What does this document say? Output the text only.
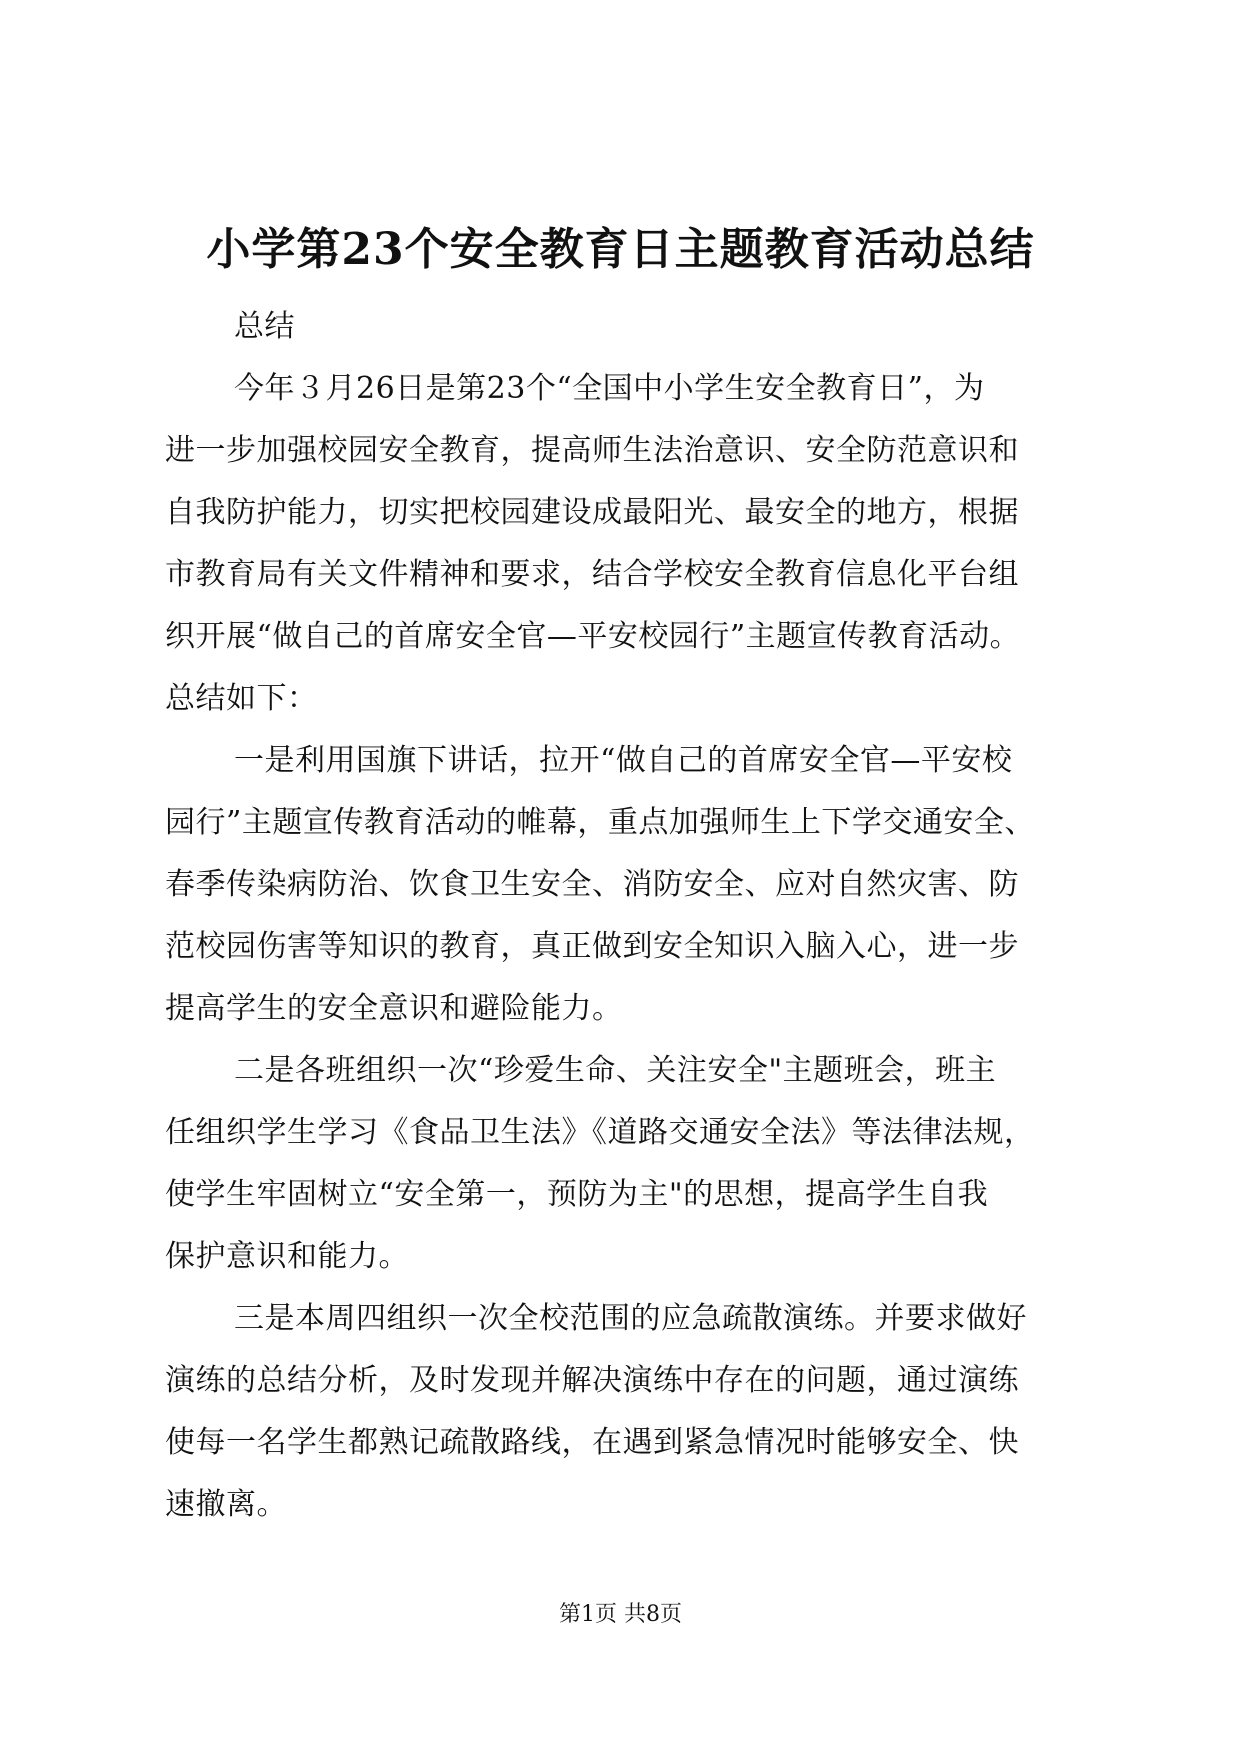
小学第23个安全教育日主题教育活动总结
总结
今年３月26日是第23个“全国中小学生安全教育日”，为
进一步加强校园安全教育，提高师生法治意识、安全防范意识和
自我防护能力，切实把校园建设成最阳光、最安全的地方，根据
市教育局有关文件精神和要求，结合学校安全教育信息化平台组
织开展“做自己的首席安全官—平安校园行”主题宣传教育活动。
总结如下：
一是利用国旗下讲话，拉开“做自己的首席安全官—平安校
园行”主题宣传教育活动的帷幕，重点加强师生上下学交通安全、
春季传染病防治、饮食卫生安全、消防安全、应对自然灾害、防
范校园伤害等知识的教育，真正做到安全知识入脑入心，进一步
提高学生的安全意识和避险能力。
二是各班组织一次“珍爱生命、关注安全"主题班会，班主
任组织学生学习《食品卫生法》《道路交通安全法》等法律法规，
使学生牢固树立“安全第一，预防为主"的思想，提高学生自我
保护意识和能力。
三是本周四组织一次全校范围的应急疏散演练。并要求做好
演练的总结分析，及时发现并解决演练中存在的问题，通过演练
使每一名学生都熟记疏散路线，在遇到紧急情况时能够安全、快
速撤离。
第1页 共8页
